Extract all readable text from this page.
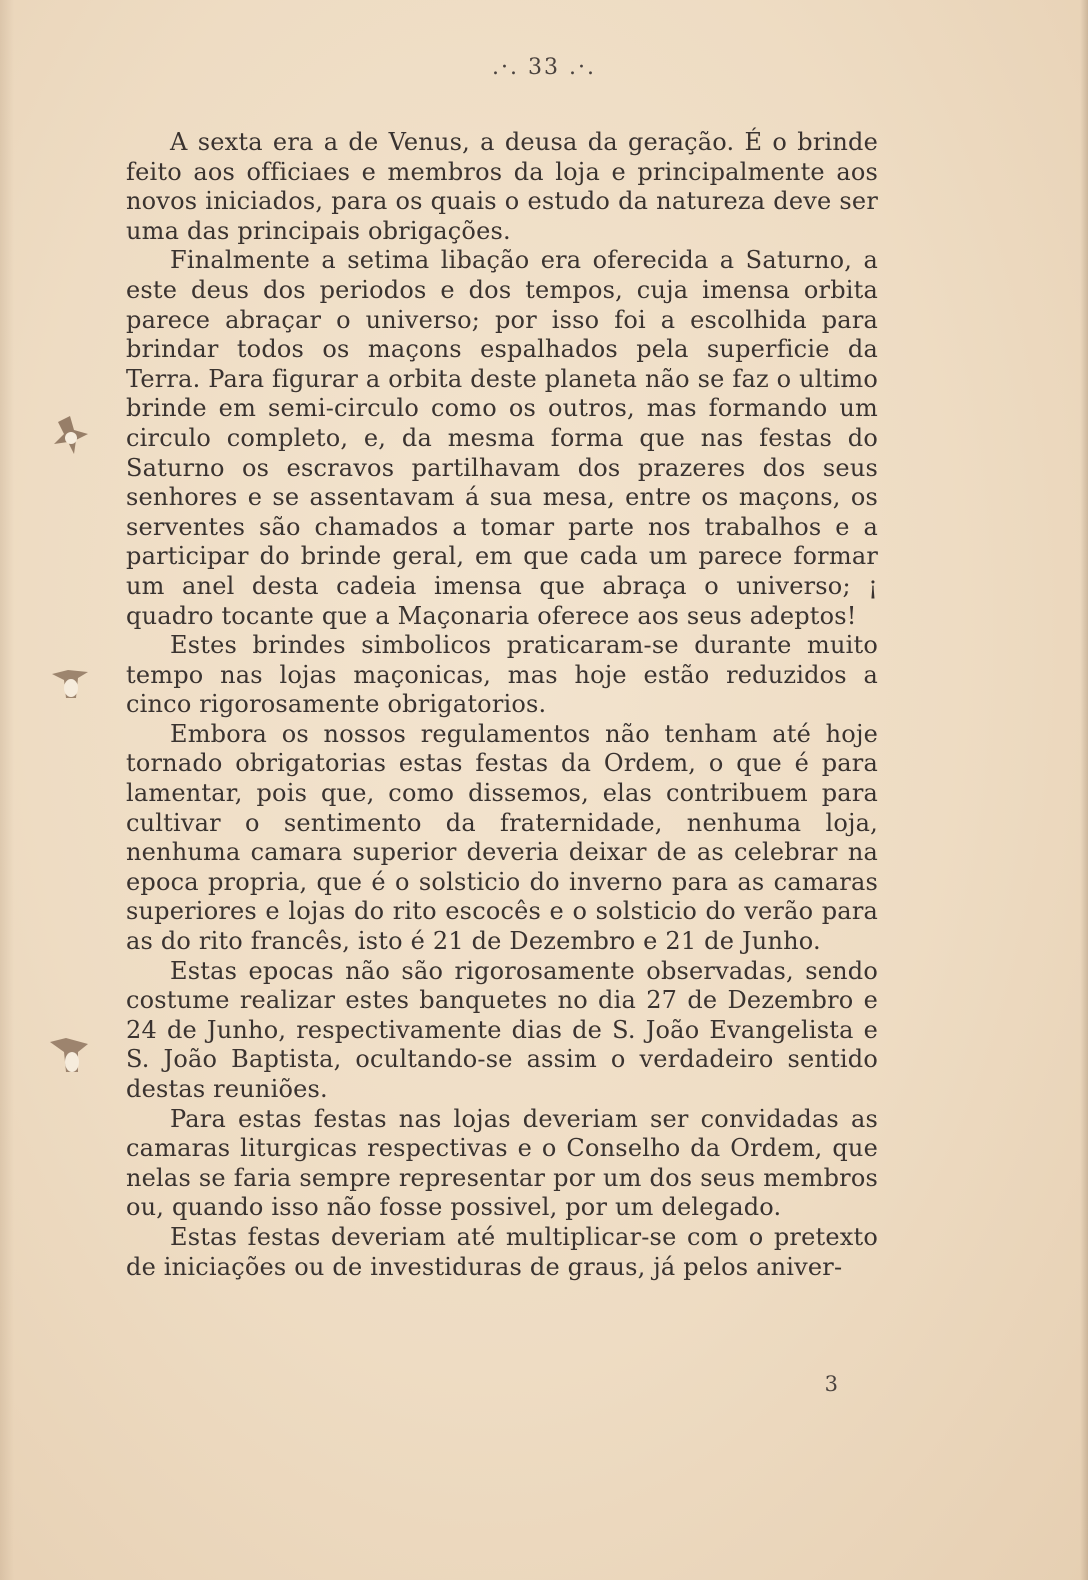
.·. 33 .·.

A sexta era a de Venus, a deusa da geração. É o brinde feito aos officiaes e membros da loja e principalmente aos novos iniciados, para os quais o estudo da natureza deve ser uma das principais obrigações.

Finalmente a setima libação era oferecida a Saturno, a este deus dos periodos e dos tempos, cuja imensa orbita parece abraçar o universo; por isso foi a escolhida para brindar todos os maçons espalhados pela superficie da Terra. Para figurar a orbita deste planeta não se faz o ultimo brinde em semi-circulo como os outros, mas formando um circulo completo, e, da mesma forma que nas festas do Saturno os escravos partilhavam dos prazeres dos seus senhores e se assentavam á sua mesa, entre os maçons, os serventes são chamados a tomar parte nos trabalhos e a participar do brinde geral, em que cada um parece formar um anel desta cadeia imensa que abraça o universo; ¡ quadro tocante que a Maçonaria oferece aos seus adeptos!

Estes brindes simbolicos praticaram-se durante muito tempo nas lojas maçonicas, mas hoje estão reduzidos a cinco rigorosamente obrigatorios.

Embora os nossos regulamentos não tenham até hoje tornado obrigatorias estas festas da Ordem, o que é para lamentar, pois que, como dissemos, elas contribuem para cultivar o sentimento da fraternidade, nenhuma loja, nenhuma camara superior deveria deixar de as celebrar na epoca propria, que é o solsticio do inverno para as camaras superiores e lojas do rito escocês e o solsticio do verão para as do rito francês, isto é 21 de Dezembro e 21 de Junho.

Estas epocas não são rigorosamente observadas, sendo costume realizar estes banquetes no dia 27 de Dezembro e 24 de Junho, respectivamente dias de S. João Evangelista e S. João Baptista, ocultando-se assim o verdadeiro sentido destas reuniões.

Para estas festas nas lojas deveriam ser convidadas as camaras liturgicas respectivas e o Conselho da Ordem, que nelas se faria sempre representar por um dos seus membros ou, quando isso não fosse possivel, por um delegado.

Estas festas deveriam até multiplicar-se com o pretexto de iniciações ou de investiduras de graus, já pelos aniver-

3
